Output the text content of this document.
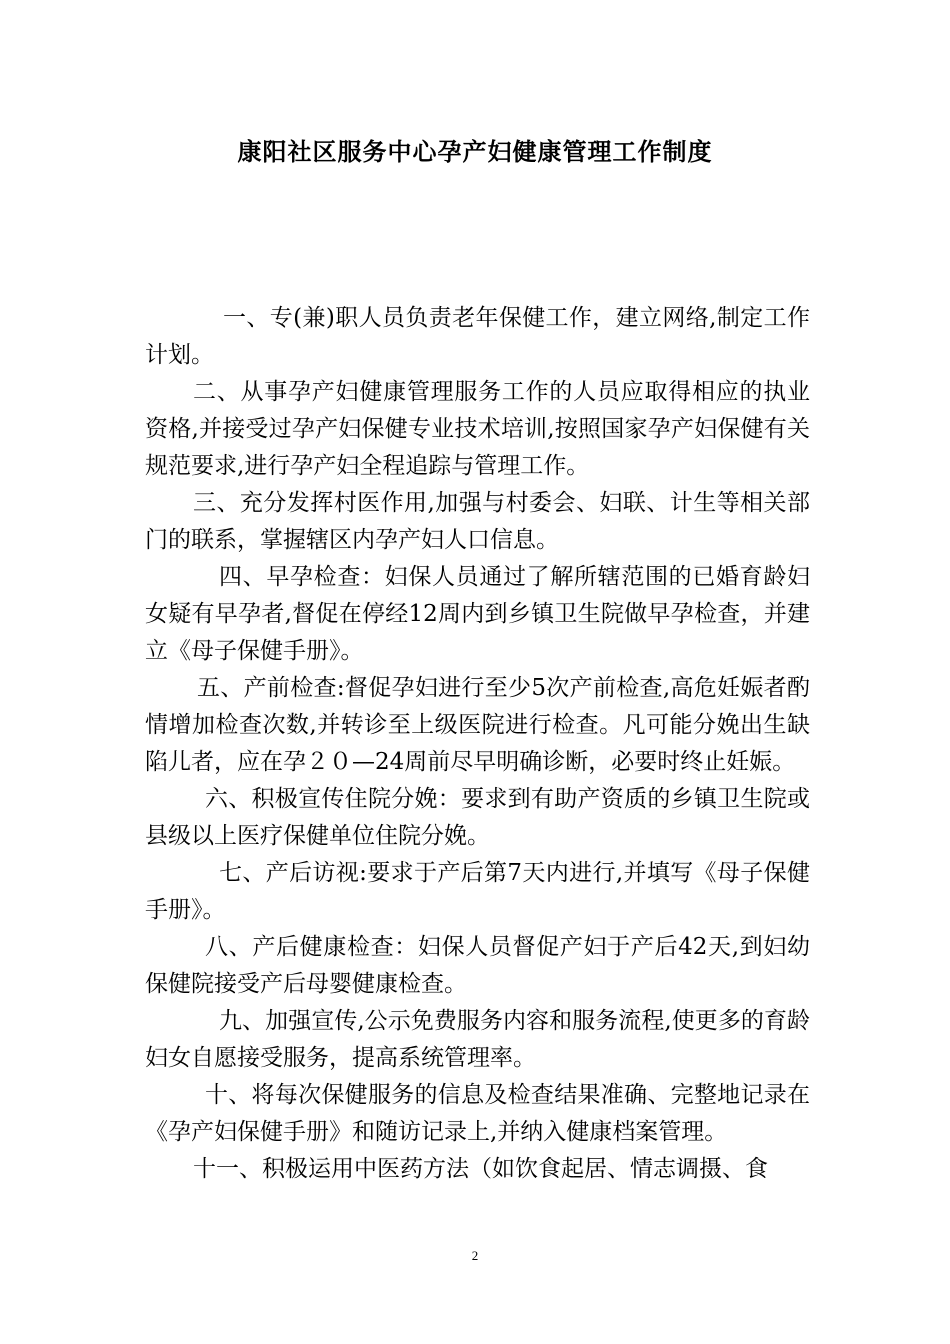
康阳社区服务中心孕产妇健康管理工作制度

一、专(兼)职人员负责老年保健工作，建立网络,制定工作计划。

二、从事孕产妇健康管理服务工作的人员应取得相应的执业资格,并接受过孕产妇保健专业技术培训,按照国家孕产妇保健有关规范要求,进行孕产妇全程追踪与管理工作。

三、充分发挥村医作用,加强与村委会、妇联、计生等相关部门的联系，掌握辖区内孕产妇人口信息。

四、早孕检查：妇保人员通过了解所辖范围的已婚育龄妇女疑有早孕者,督促在停经12周内到乡镇卫生院做早孕检查，并建立《母子保健手册》。

五、产前检查:督促孕妇进行至少5次产前检查,高危妊娠者酌情增加检查次数,并转诊至上级医院进行检查。凡可能分娩出生缺陷儿者，应在孕２０—24周前尽早明确诊断，必要时终止妊娠。

六、积极宣传住院分娩：要求到有助产资质的乡镇卫生院或县级以上医疗保健单位住院分娩。

七、产后访视:要求于产后第7天内进行,并填写《母子保健手册》。

八、产后健康检查：妇保人员督促产妇于产后42天,到妇幼保健院接受产后母婴健康检查。

九、加强宣传,公示免费服务内容和服务流程,使更多的育龄妇女自愿接受服务，提高系统管理率。

十、将每次保健服务的信息及检查结果准确、完整地记录在《孕产妇保健手册》和随访记录上,并纳入健康档案管理。

十一、积极运用中医药方法（如饮食起居、情志调摄、食

2
